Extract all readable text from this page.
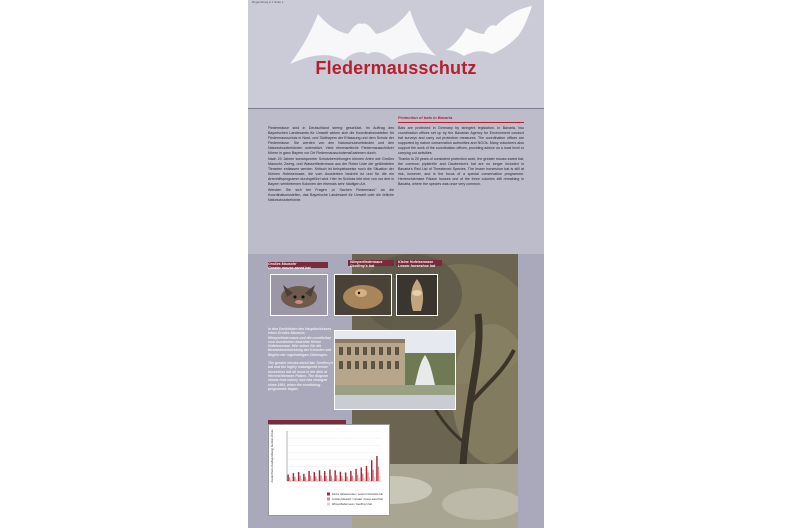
Regensburg A 1 Seite 1
Fledermausschutz

Fledermäuse sind in Deutschland streng geschützt. Im Auftrag des Bayerischen Landesamts für Umwelt wirken sich die Koordinationsstellen für Fledermausschutz in Nord- und Südbayern der Erfassung und dem Schutz der Fledermäuse. Sie werden von den Naturschutzverbänden und den Naturschutzbehörden unterstützt. Viele ehrenamtliche Fledermausschützer führen in ganz Bayern vor Ort Fledermausschutzmaßnahmen durch.

Nach 20 Jahren konsequenter Schutzbemühungen können Arten wie Großes Mausohr, Zwerg- und Wasserfledermaus aus der Roten Liste der gefährdeten Tierarten entlassen werden. Kritisch ist beispielsweise noch die Situation der Kleinen Hufeisennase, die vom Aussterben bedroht ist und für die ein Artenhilfsprogramm durchgeführt wird. Hier im Schloss lebt eine von nur drei in Bayern verbliebenen Kolonien der ehemals sehr häufigen Art.

Wenden Sie sich bei Fragen „in Sachen Fledermaus" an die Koordinationsstellen, das Bayerische Landesamt für Umwelt oder die örtliche Naturschutzbehörde.

Protection of bats in Bavaria

Bats are protected in Germany by stringent legislation. In Bavaria, two coordination offices set up by the Bavarian Agency for Environment conduct bat surveys and carry out protection measures. The coordination offices are supported by nature conservation authorities and NGOs. Many volunteers also support the work of the coordination offices, providing advice on a local level or carrying out activities.

Thanks to 20 years of consistent protection work, the greater mouse-eared bat, the common pipistrelle and Daubenton's bat are no longer included in Bavaria's Red List of Threatened Species. The lesser horseshoe bat is still at risk, however, and is the focus of a special conservation programme. Herrenchiemsee Palace houses one of the three colonies still remaining in Bavaria, where the species was once very common.

Großes Mausohr
Greater mouse-eared bat
Wimperfledermaus
Geoffroy's bat
Kleine Hufeisennase
Lesser horseshoe bat

In den Dachböden des Hauptschlosses leben Großes Mausohr, Wimperfledermaus und die unmittelbar vom Aussterben bedrohte Kleine Hufeisennase. Hier sehen Sie die Bestandsentwicklung der Kolonien seit Beginn der regelmäßigen Zählungen.

The greater mouse-eared bat, Geoffroy's bat and the highly endangered lesser horseshoe bat all roost in the attic at Herrenchiemsee Palace. The diagram shows how colony size has changed since 1991, when the monitoring programme began.

Anzahl Tiere (Ausflugzählung) Number of bats
Kleine Hufeisennase / Lesser horseshoe bat
Großes Mausohr / Greater mouse-eared bat
Wimperfledermaus / Geoffroy's bat
